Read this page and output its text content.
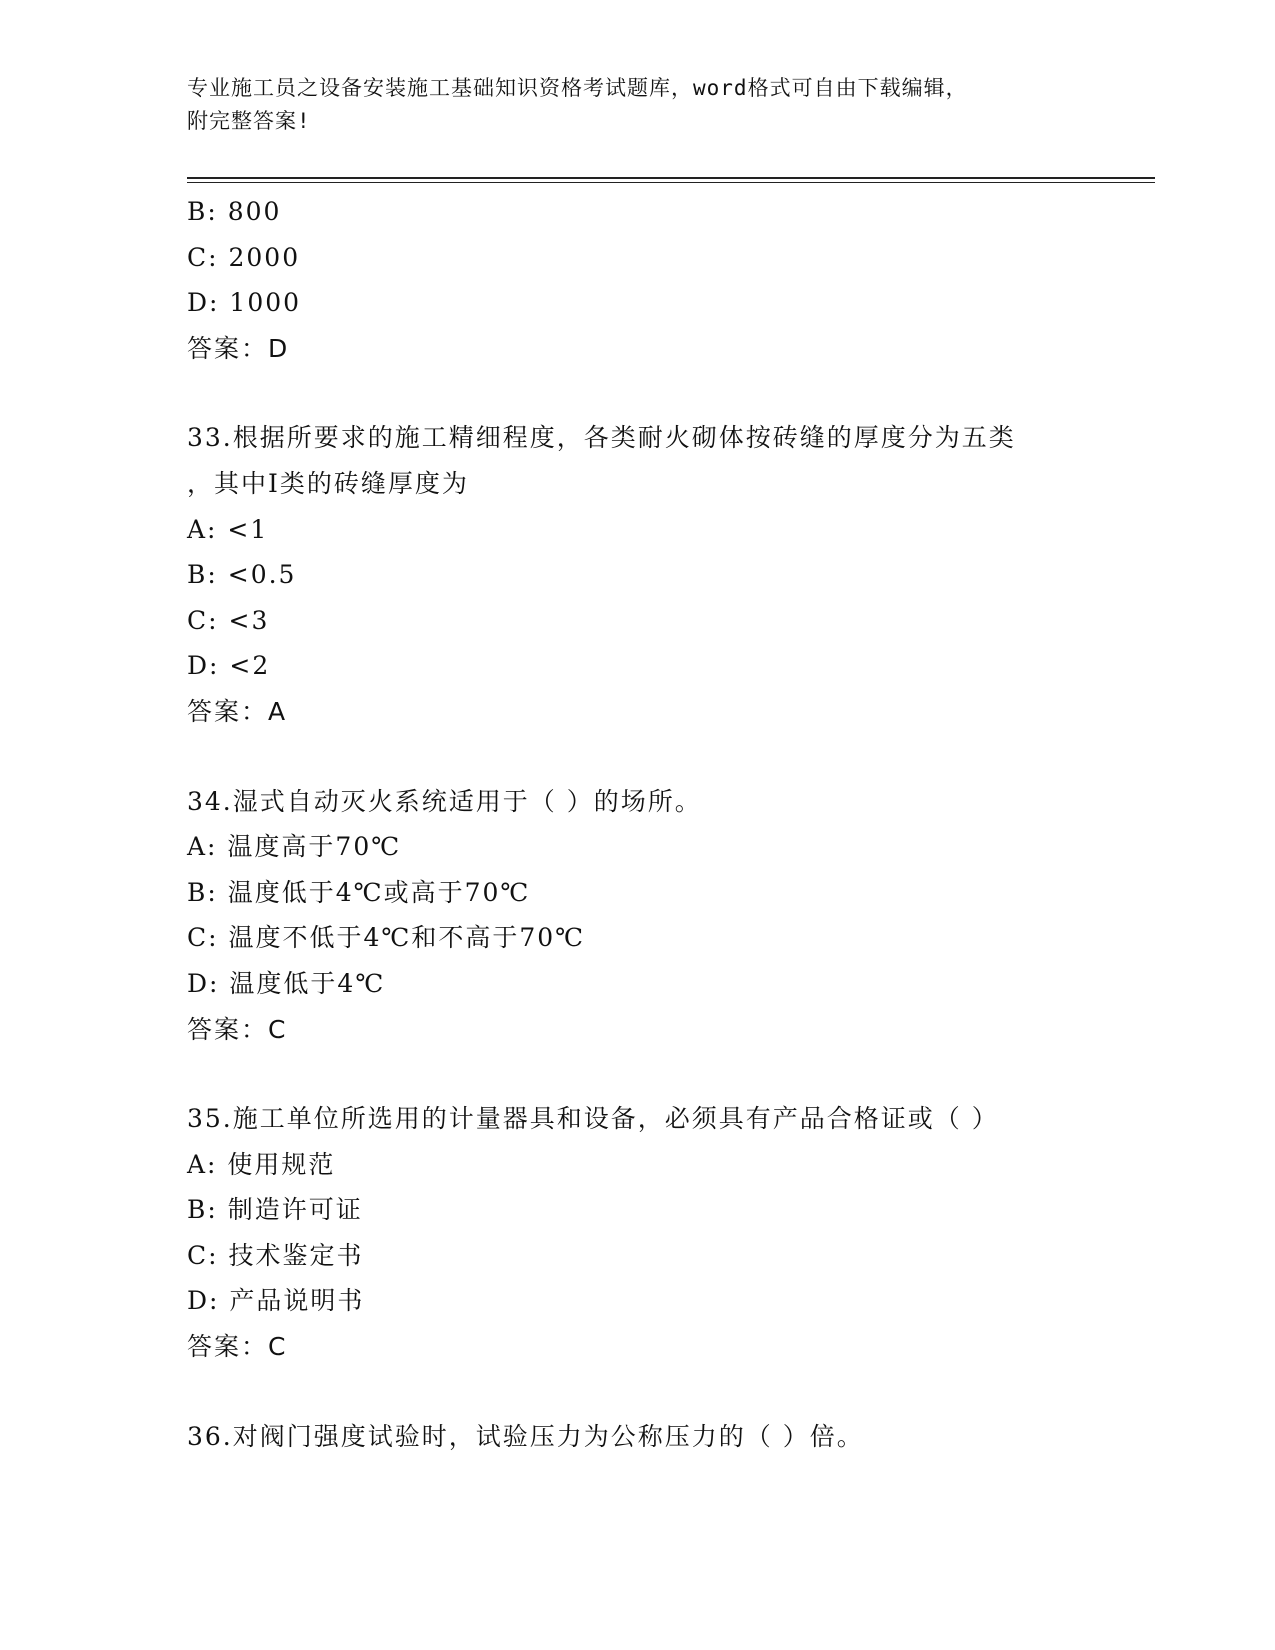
专业施工员之设备安装施工基础知识资格考试题库，word格式可自由下载编辑，
附完整答案!
B: 800
C: 2000
D: 1000
答案：D
33.根据所要求的施工精细程度，各类耐火砌体按砖缝的厚度分为五类
，其中Ⅰ类的砖缝厚度为
A: <1
B: <0.5
C: <3
D: <2
答案：A
34.湿式自动灭火系统适用于（ ）的场所。
A: 温度高于70℃
B: 温度低于4℃或高于70℃
C: 温度不低于4℃和不高于70℃
D: 温度低于4℃
答案：C
35.施工单位所选用的计量器具和设备，必须具有产品合格证或（ ）
A: 使用规范
B: 制造许可证
C: 技术鉴定书
D: 产品说明书
答案：C
36.对阀门强度试验时，试验压力为公称压力的（ ）倍。
